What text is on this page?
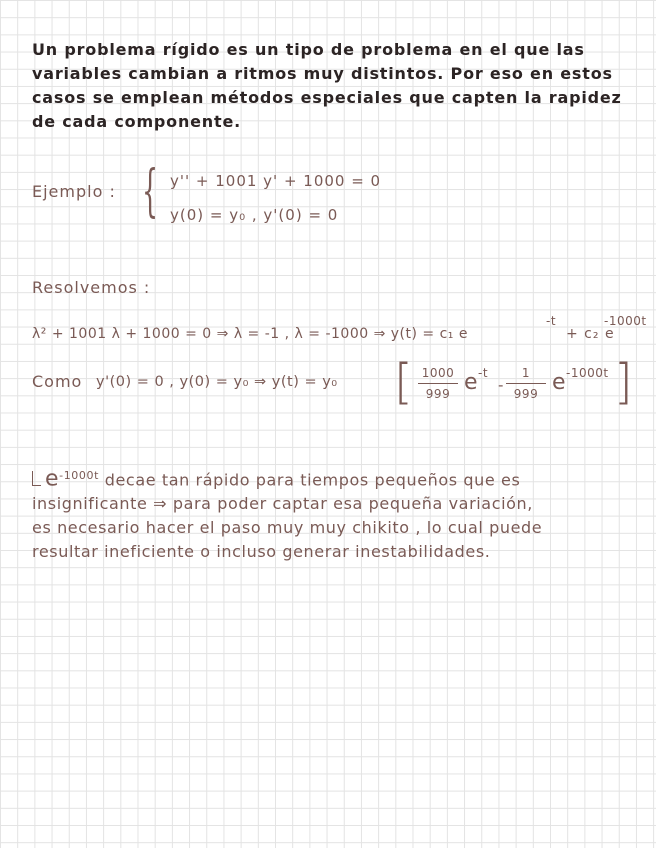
Un problema rígido es un tipo de problema en el que las
variables cambian a ritmos muy distintos. Por eso en estos
casos se emplean métodos especiales que capten la rapidez
de cada componente.
Ejemplo : { y'' + 1001 y' + 1000 = 0
y(0) = y₀ , y'(0) = 0
Resolvemos :
λ² + 1001 λ + 1000 = 0 ⇒ λ = -1 , λ = -1000 ⇒ y(t) = c₁ e
-t
+ c₂ e
-1000t
Como y'(0) = 0 , y(0) = y₀ ⇒ y(t) = y₀ [ 1000
999 e -t
-
1
999 e -1000t ]
$e^{-1000t}$ decae tan rápido para tiempos pequeños que es
insignificante ⇒ para poder captar esa pequeña variación,
es necesario hacer el paso muy muy chikito , lo cual puede
resultar ineficiente o incluso generar inestabilidades.
